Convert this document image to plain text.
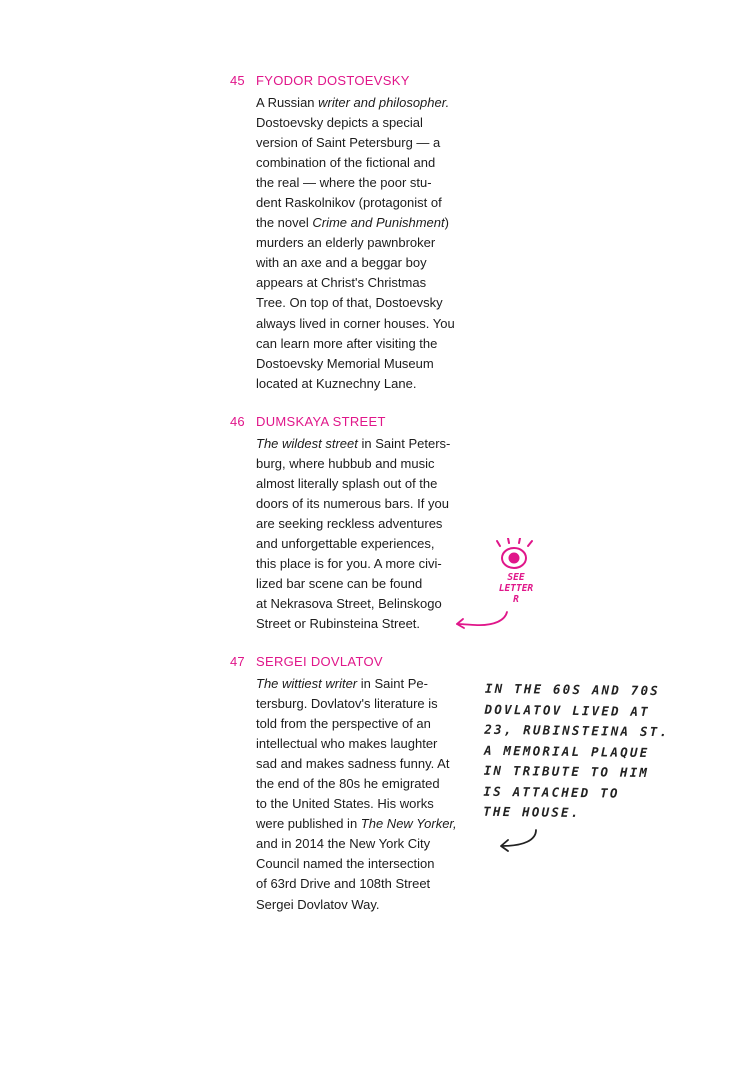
45 FYODOR DOSTOEVSKY
A Russian writer and philosopher.
Dostoevsky depicts a special
version of Saint Petersburg — a
combination of the fictional and
the real — where the poor stu-
dent Raskolnikov (protagonist of
the novel Crime and Punishment)
murders an elderly pawnbroker
with an axe and a beggar boy
appears at Christ's Christmas
Tree. On top of that, Dostoevsky
always lived in corner houses. You
can learn more after visiting the
Dostoevsky Memorial Museum
located at Kuznechny Lane.
46 DUMSKAYA STREET
The wildest street in Saint Peters-
burg, where hubbub and music
almost literally splash out of the
doors of its numerous bars. If you
are seeking reckless adventures
and unforgettable experiences,
this place is for you. A more civi-
lized bar scene can be found
at Nekrasova Street, Belinskogo
Street or Rubinsteina Street.
47 SERGEI DOVLATOV
The wittiest writer in Saint Pe-
tersburg. Dovlatov's literature is
told from the perspective of an
intellectual who makes laughter
sad and makes sadness funny. At
the end of the 80s he emigrated
to the United States. His works
were published in The New Yorker,
and in 2014 the New York City
Council named the intersection
of 63rd Drive and 108th Street
Sergei Dovlatov Way.
SEE
LETTER
R
IN THE 60S AND 70S
DOVLATOV LIVED AT
23, RUBINSTEINA ST.
A MEMORIAL PLAQUE
IN TRIBUTE TO HIM
IS ATTACHED TO
THE HOUSE.
